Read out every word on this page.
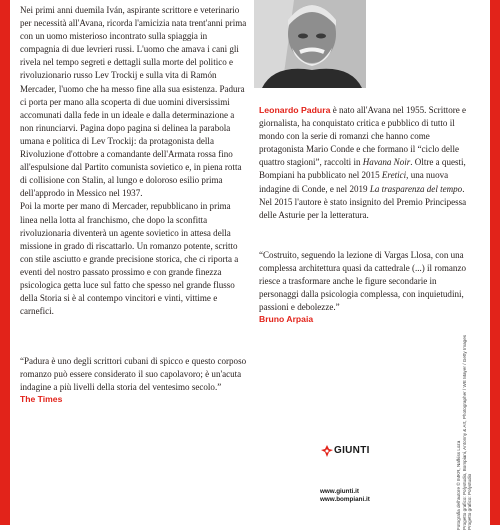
Nei primi anni duemila Iván, aspirante scrittore e veterinario per necessità all'Avana, ricorda l'amicizia nata trent'anni prima con un uomo misterioso incontrato sulla spiaggia in compagnia di due levrieri russi. L'uomo che amava i cani gli rivela nel tempo segreti e dettagli sulla morte del politico e rivoluzionario russo Lev Trockij e sulla vita di Ramón Mercader, l'uomo che ha messo fine alla sua esistenza. Padura ci porta per mano alla scoperta di due uomini diversissimi accomunati dalla fede in un ideale e dalla determinazione a non rinunciarvi. Pagina dopo pagina si delinea la parabola umana e politica di Lev Trockij: da protagonista della Rivoluzione d'ottobre a comandante dell'Armata rossa fino all'espulsione dal Partito comunista sovietico e, in piena rotta di collisione con Stalin, al lungo e doloroso esilio prima dell'approdo in Messico nel 1937.

Poi la morte per mano di Mercader, repubblicano in prima linea nella lotta al franchismo, che dopo la sconfitta rivoluzionaria diventerà un agente sovietico in attesa della missione in grado di riscattarlo. Un romanzo potente, scritto con stile asciutto e grande precisione storica, che ci riporta a eventi del nostro passato prossimo e con grande finezza psicologica getta luce sul fatto che spesso nel grande flusso della Storia si è al contempo vincitori e vinti, vittime e carnefici.

“Padura è uno degli scrittori cubani di spicco e questo corposo romanzo può essere considerato il suo capolavoro; è un'acuta indagine a più livelli della storia del ventesimo secolo.”

The Times

Leonardo Padura è nato all'Avana nel 1955. Scrittore e giornalista, ha conquistato critica e pubblico di tutto il mondo con la serie di romanzi che hanno come protagonista Mario Conde e che formano il “ciclo delle quattro stagioni”, raccolti in Havana Noir. Oltre a questi, Bompiani ha pubblicato nel 2015 Eretici, una nuova indagine di Conde, e nel 2019 La trasparenza del tempo. Nel 2015 l'autore è stato insignito del Premio Principessa delle Asturie per la letteratura.

“Costruito, seguendo la lezione di Vargas Llosa, con una complessa architettura quasi da cattedrale (...) il romanzo riesce a trasformare anche le figure secondarie in personaggi dalla psicologia complessa, con inquietudini, passioni e debolezze.”

Bruno Arpaia
Fotografia dell'autore © IMKR, Nafkiss Loza Progetto grafico: Polystudio, Bompiani, Antonny & Art, Photographer / WE Mayer / Getty Images Progetto grafico: Polystudio
GIUNTI
www.giunti.it
www.bompiani.it
